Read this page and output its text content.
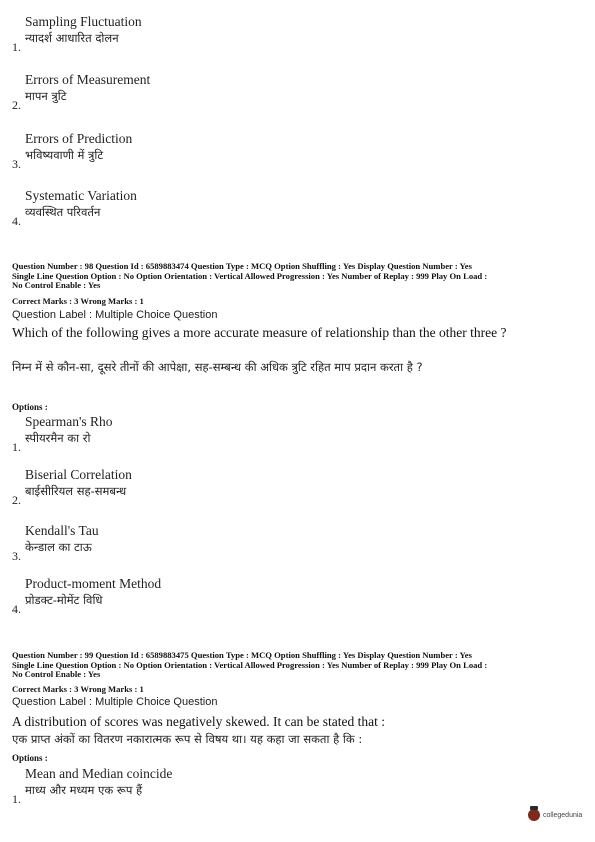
Sampling Fluctuation
1.
न्यादर्श आधारित दोलन
Errors of Measurement
2.
मापन त्रुटि
Errors of Prediction
3.
भविष्यवाणी में त्रुटि
Systematic Variation
4.
व्यवस्थित परिवर्तन
Question Number : 98 Question Id : 6589883474 Question Type : MCQ Option Shuffling : Yes Display Question Number : Yes
Single Line Question Option : No Option Orientation : Vertical Allowed Progression : Yes Number of Replay : 999 Play On Load :
No Control Enable : Yes
Correct Marks : 3 Wrong Marks : 1
Question Label : Multiple Choice Question
Which of the following gives a more accurate measure of relationship than the other three ?
निम्न में से कौन-सा, दूसरे तीनों की आपेक्षा, सह-सम्बन्ध की अधिक त्रुटि रहित माप प्रदान करता है ?
Options :
Spearman's Rho
1.
स्पीयरमैन का रो
Biserial Correlation
2.
बाईसीरियल सह-समबन्ध
Kendall's Tau
3.
केन्डाल का टाऊ
Product-moment Method
4.
प्रोडक्ट-मोमेंट विधि
Question Number : 99 Question Id : 6589883475 Question Type : MCQ Option Shuffling : Yes Display Question Number : Yes
Single Line Question Option : No Option Orientation : Vertical Allowed Progression : Yes Number of Replay : 999 Play On Load :
No Control Enable : Yes
Correct Marks : 3 Wrong Marks : 1
Question Label : Multiple Choice Question
A distribution of scores was negatively skewed. It can be stated that :
एक प्राप्त अंकों का वितरण नकारात्मक रूप से विषय था। यह कहा जा सकता है कि :
Options :
Mean and Median coincide
1.
माध्य और मध्यम एक रूप हैं
collegedunia
